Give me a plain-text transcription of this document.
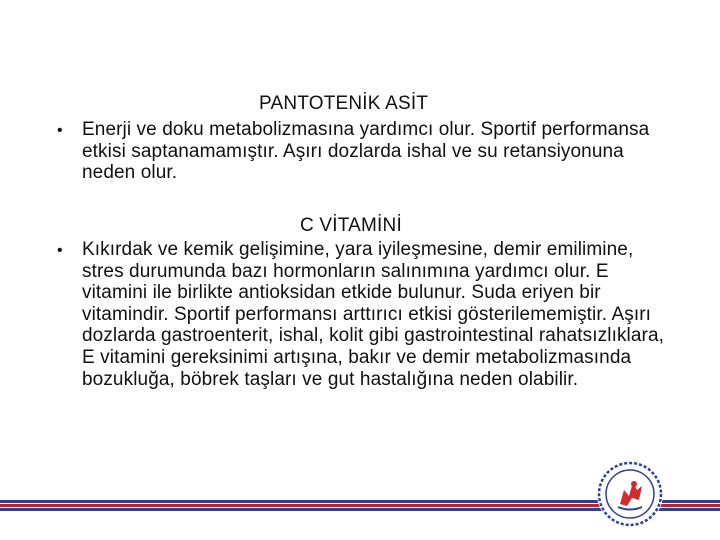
PANTOTENİK ASİT
• Enerji ve doku metabolizmasına yardımcı olur. Sportif performansa etkisi saptanamamıştır. Aşırı dozlarda ishal ve su retansiyonuna neden olur.
C VİTAMİNİ
• Kıkırdak ve kemik gelişimine, yara iyileşmesine, demir emilimine, stres durumunda bazı hormonların salınımına yardımcı olur. E vitamini ile birlikte antioksidan etkide bulunur. Suda eriyen bir vitamindir. Sportif performansı arttırıcı etkisi gösterilememiştir. Aşırı dozlarda gastroenterit, ishal, kolit gibi gastrointestinal rahatsızlıklara, E vitamini gereksinimi artışına, bakır ve demir metabolizmasında bozukluğa, böbrek taşları ve gut hastalığına neden olabilir.
